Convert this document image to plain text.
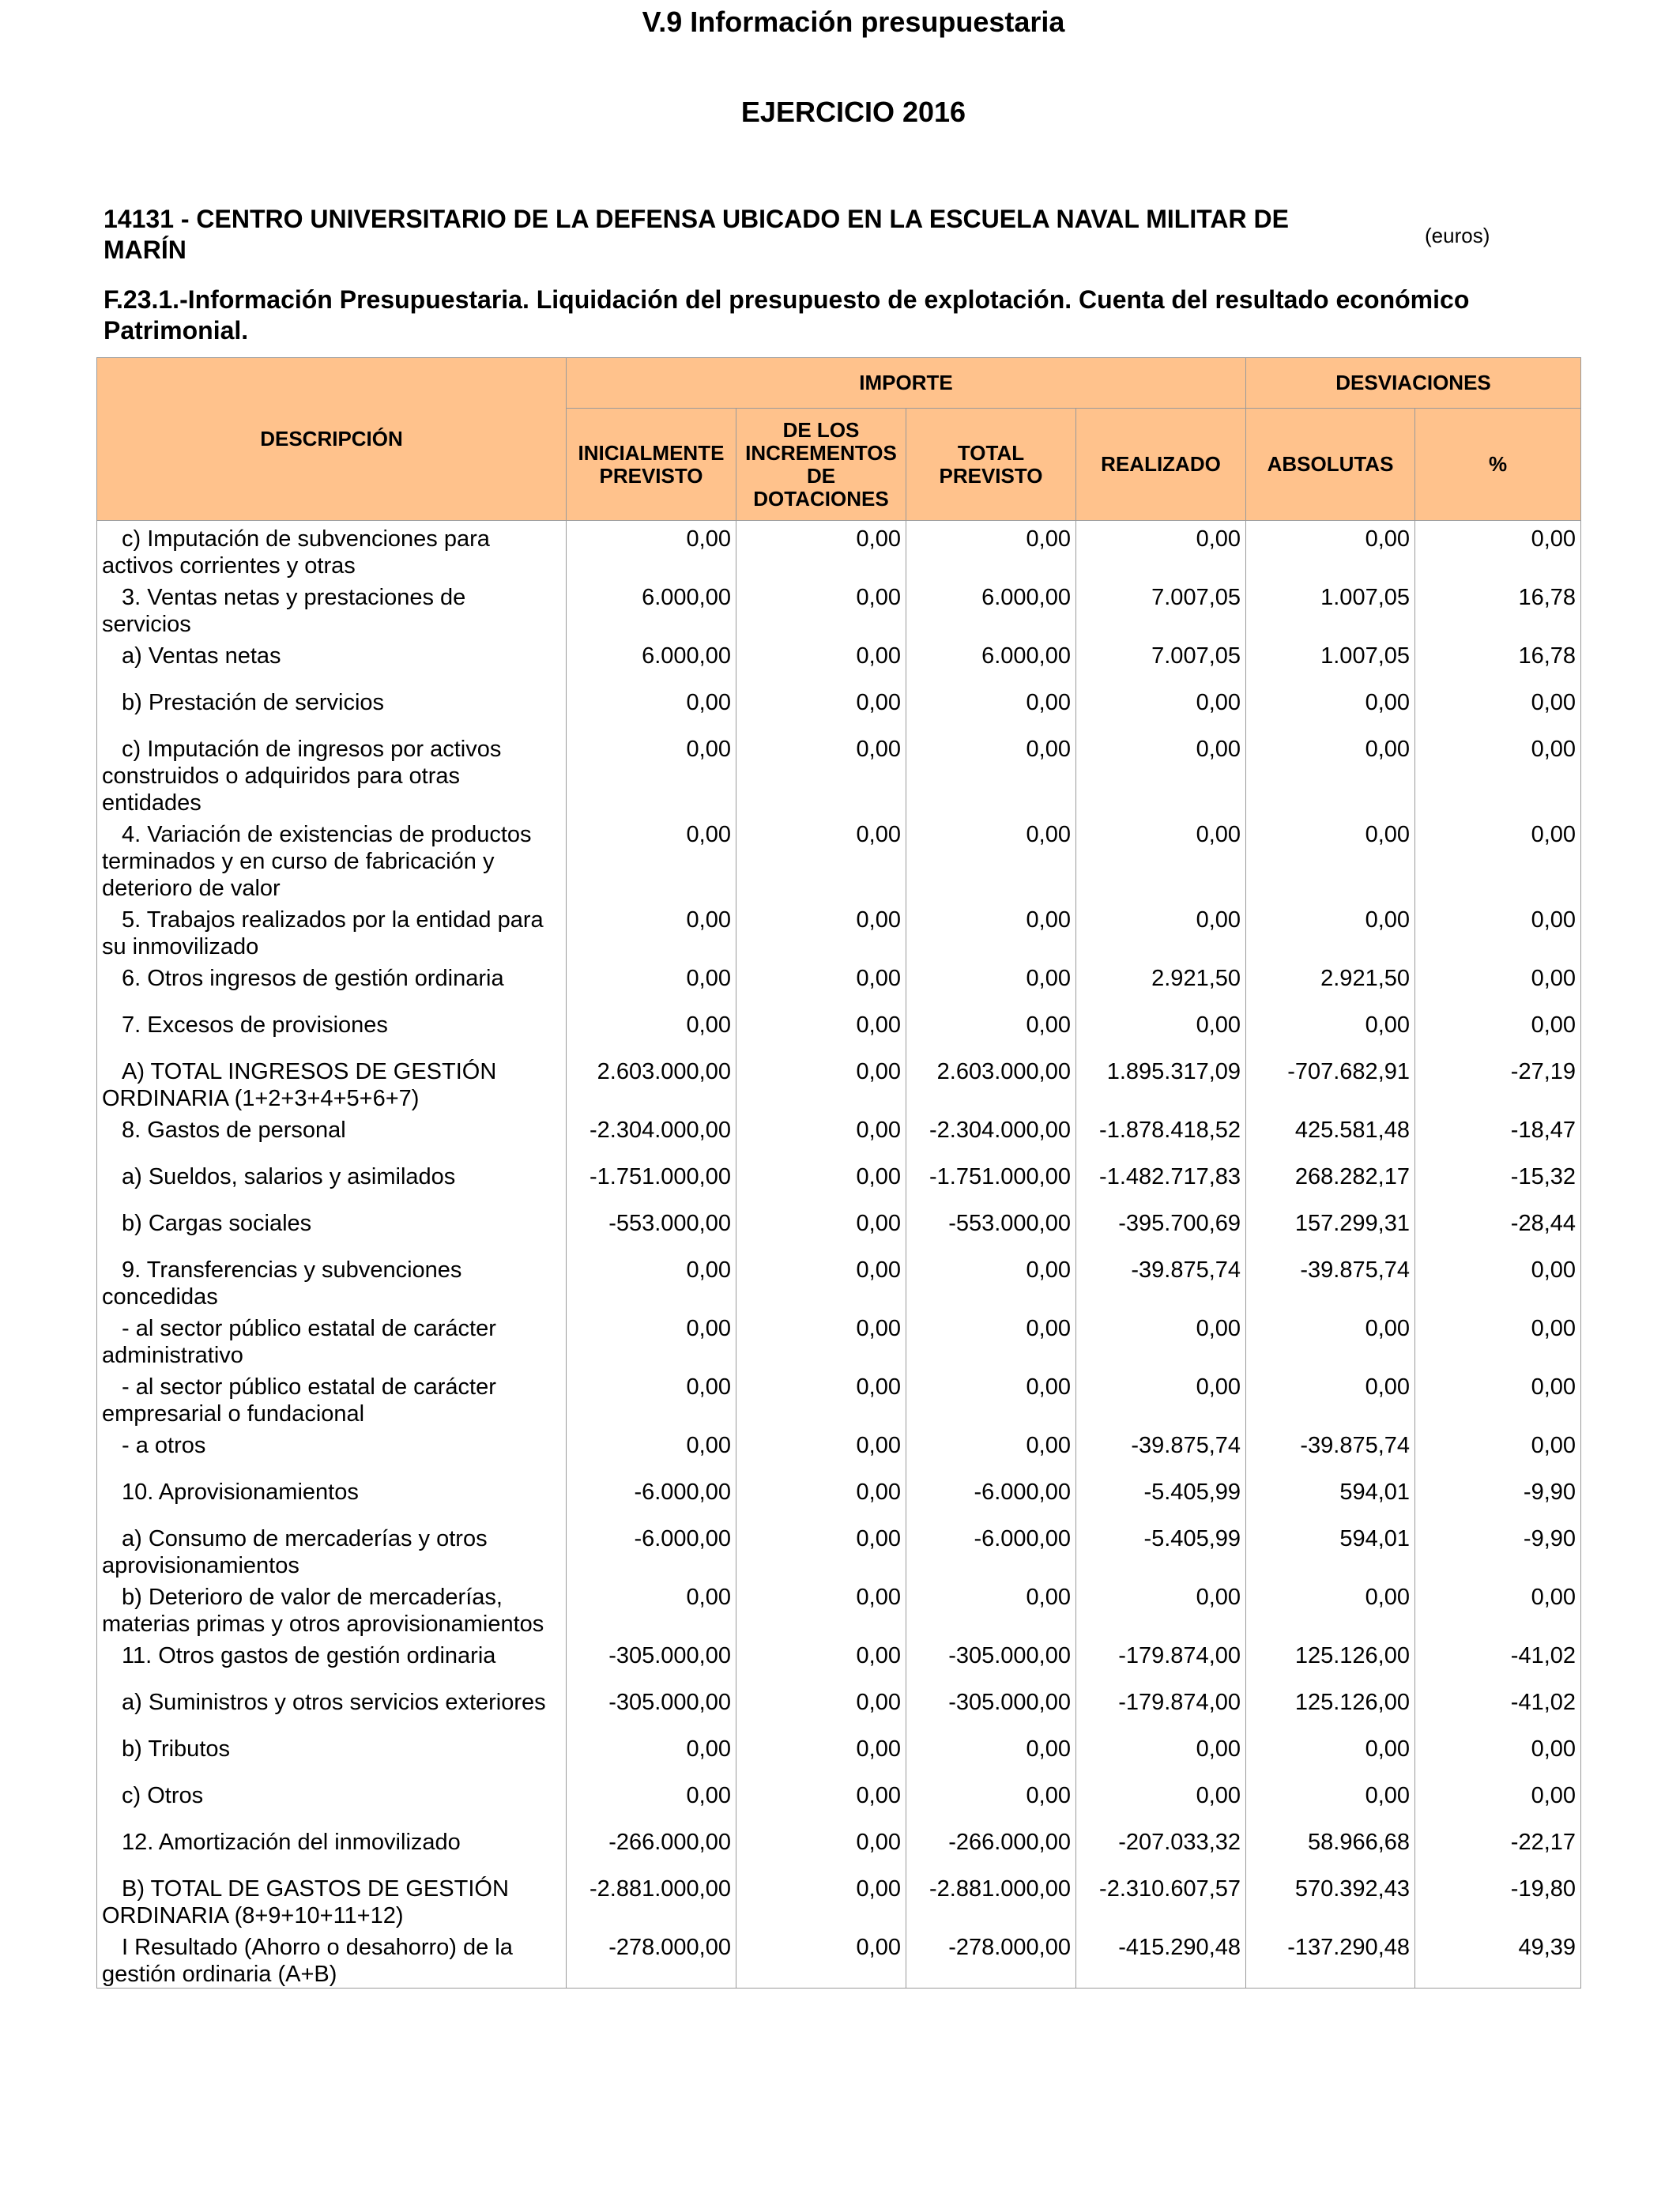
V.9 Información presupuestaria
EJERCICIO 2016
14131 - CENTRO UNIVERSITARIO DE LA DEFENSA UBICADO EN LA ESCUELA NAVAL MILITAR DE MARÍN	(euros)
F.23.1.-Información Presupuestaria. Liquidación del presupuesto de explotación. Cuenta del resultado económico Patrimonial.
DESCRIPCIÓN	IMPORTE				DESVIACIONES	
	INICIALMENTE PREVISTO	DE LOS INCREMENTOS DE DOTACIONES	TOTAL PREVISTO	REALIZADO	ABSOLUTAS	%
c) Imputación de subvenciones para activos corrientes y otras	0,00	0,00	0,00	0,00	0,00	0,00
3. Ventas netas y prestaciones de servicios	6.000,00	0,00	6.000,00	7.007,05	1.007,05	16,78
a) Ventas netas	6.000,00	0,00	6.000,00	7.007,05	1.007,05	16,78
b) Prestación de servicios	0,00	0,00	0,00	0,00	0,00	0,00
c) Imputación de ingresos por activos construidos o adquiridos para otras entidades	0,00	0,00	0,00	0,00	0,00	0,00
4. Variación de existencias de productos terminados y en curso de fabricación y deterioro de valor	0,00	0,00	0,00	0,00	0,00	0,00
5. Trabajos realizados por la entidad para su inmovilizado	0,00	0,00	0,00	0,00	0,00	0,00
6. Otros ingresos de gestión ordinaria	0,00	0,00	0,00	2.921,50	2.921,50	0,00
7. Excesos de provisiones	0,00	0,00	0,00	0,00	0,00	0,00
A) TOTAL INGRESOS DE GESTIÓN ORDINARIA (1+2+3+4+5+6+7)	2.603.000,00	0,00	2.603.000,00	1.895.317,09	-707.682,91	-27,19
8. Gastos de personal	-2.304.000,00	0,00	-2.304.000,00	-1.878.418,52	425.581,48	-18,47
a) Sueldos, salarios y asimilados	-1.751.000,00	0,00	-1.751.000,00	-1.482.717,83	268.282,17	-15,32
b) Cargas sociales	-553.000,00	0,00	-553.000,00	-395.700,69	157.299,31	-28,44
9. Transferencias y subvenciones concedidas	0,00	0,00	0,00	-39.875,74	-39.875,74	0,00
- al sector público estatal de carácter administrativo	0,00	0,00	0,00	0,00	0,00	0,00
- al sector público estatal de carácter empresarial o fundacional	0,00	0,00	0,00	0,00	0,00	0,00
- a otros	0,00	0,00	0,00	-39.875,74	-39.875,74	0,00
10. Aprovisionamientos	-6.000,00	0,00	-6.000,00	-5.405,99	594,01	-9,90
a) Consumo de mercaderías y otros aprovisionamientos	-6.000,00	0,00	-6.000,00	-5.405,99	594,01	-9,90
b) Deterioro de valor de mercaderías, materias primas y otros aprovisionamientos	0,00	0,00	0,00	0,00	0,00	0,00
11. Otros gastos de gestión ordinaria	-305.000,00	0,00	-305.000,00	-179.874,00	125.126,00	-41,02
a) Suministros y otros servicios exteriores	-305.000,00	0,00	-305.000,00	-179.874,00	125.126,00	-41,02
b) Tributos	0,00	0,00	0,00	0,00	0,00	0,00
c) Otros	0,00	0,00	0,00	0,00	0,00	0,00
12. Amortización del inmovilizado	-266.000,00	0,00	-266.000,00	-207.033,32	58.966,68	-22,17
B) TOTAL DE GASTOS DE GESTIÓN ORDINARIA (8+9+10+11+12)	-2.881.000,00	0,00	-2.881.000,00	-2.310.607,57	570.392,43	-19,80
I Resultado (Ahorro o desahorro) de la gestión ordinaria (A+B)	-278.000,00	0,00	-278.000,00	-415.290,48	-137.290,48	49,39
